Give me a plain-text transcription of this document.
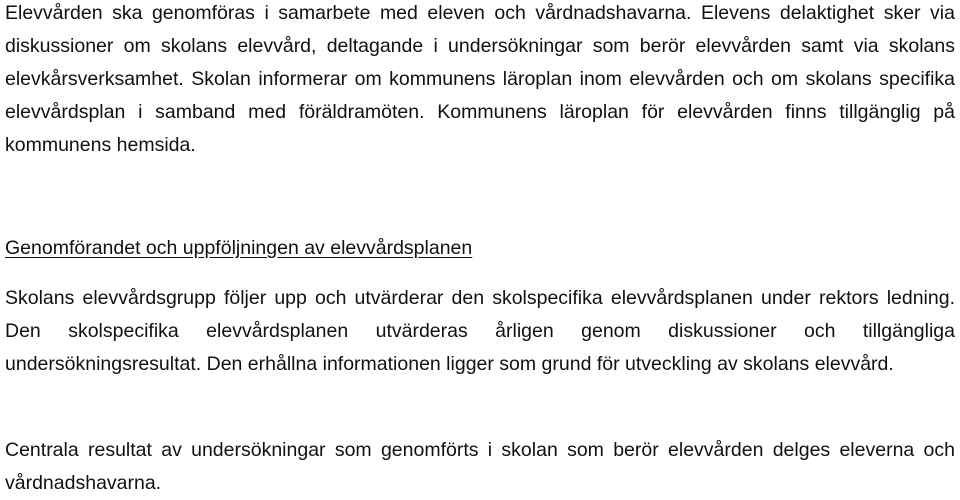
Elevvården ska genomföras i samarbete med eleven och vårdnadshavarna. Elevens delaktighet sker via diskussioner om skolans elevvård, deltagande i undersökningar som berör elevvården samt via skolans elevkårsverksamhet. Skolan informerar om kommunens läroplan inom elevvården och om skolans specifika elevvårdsplan i samband med föräldramöten. Kommunens läroplan för elevvården finns tillgänglig på kommunens hemsida.

Genomförandet och uppföljningen av elevvårdsplanen

Skolans elevvårdsgrupp följer upp och utvärderar den skolspecifika elevvårdsplanen under rektors ledning. Den skolspecifika elevvårdsplanen utvärderas årligen genom diskussioner och tillgängliga undersökningsresultat. Den erhållna informationen ligger som grund för utveckling av skolans elevvård.

Centrala resultat av undersökningar som genomförts i skolan som berör elevvården delges eleverna och vårdnadshavarna.
